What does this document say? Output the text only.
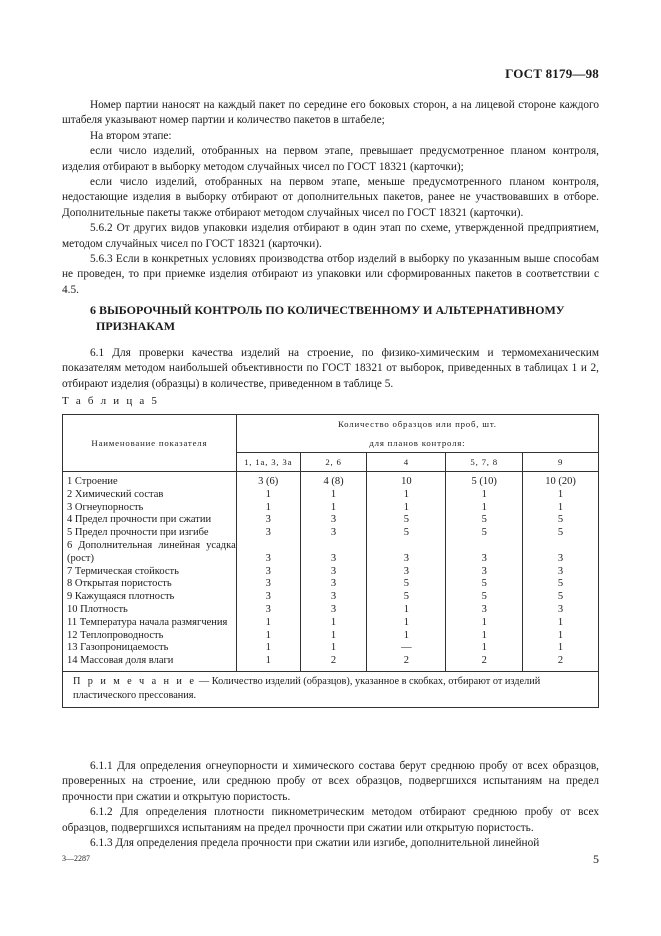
ГОСТ 8179—98

Номер партии наносят на каждый пакет по середине его боковых сторон, а на лицевой стороне каждого штабеля указывают номер партии и количество пакетов в штабеле;

На втором этапе:

если число изделий, отобранных на первом этапе, превышает предусмотренное планом контроля, изделия отбирают в выборку методом случайных чисел по ГОСТ 18321 (карточки);

если число изделий, отобранных на первом этапе, меньше предусмотренного планом контроля, недостающие изделия в выборку отбирают от дополнительных пакетов, ранее не участвовавших в отборе. Дополнительные пакеты также отбирают методом случайных чисел по ГОСТ 18321 (карточки).

5.6.2 От других видов упаковки изделия отбирают в один этап по схеме, утвержденной предприятием, методом случайных чисел по ГОСТ 18321 (карточки).

5.6.3 Если в конкретных условиях производства отбор изделий в выборку по указанным выше способам не проведен, то при приемке изделия отбирают из упаковки или сформированных пакетов в соответствии с 4.5.

6 ВЫБОРОЧНЫЙ КОНТРОЛЬ ПО КОЛИЧЕСТВЕННОМУ И АЛЬТЕРНАТИВНОМУ
ПРИЗНАКАМ

6.1 Для проверки качества изделий на строение, по физико-химическим и термомеханическим показателям методом наибольшей объективности по ГОСТ 18321 от выборок, приведенных в таблицах 1 и 2, отбирают изделия (образцы) в количестве, приведенном в таблице 5.

Т а б л и ц а 5
Наименование показателя	Количество образцов или проб, шт.				
	для планов контроля:				
	1, 1а, 3, 3а	2, 6	4	5, 7, 8	9
1 Строение	3 (6)	4 (8)	10	5 (10)	10 (20)
2 Химический состав	1	1	1	1	1
3 Огнеупорность	1	1	1	1	1
4 Предел прочности при сжатии	3	3	5	5	5
5 Предел прочности при изгибе	3	3	5	5	5
6 Дополнительная линейная усадка (рост)	3	3	3	3	3
7 Термическая стойкость	3	3	3	3	3
8 Открытая пористость	3	3	5	5	5
9 Кажущаяся плотность	3	3	5	5	5
10 Плотность	3	3	1	3	3
11 Температура начала размягчения	1	1	1	1	1
12 Теплопроводность	1	1	1	1	1
13 Газопроницаемость	1	1	—	1	1
14 Массовая доля влаги	1	2	2	2	2
П р и м е ч а н и е — Количество изделий (образцов), указанное в скобках, отбирают от изделий пластического прессования.					

6.1.1 Для определения огнеупорности и химического состава берут среднюю пробу от всех образцов, проверенных на строение, или среднюю пробу от всех образцов, подвергшихся испытаниям на предел прочности при сжатии и открытую пористость.

6.1.2 Для определения плотности пикнометрическим методом отбирают среднюю пробу от всех образцов, подвергшихся испытаниям на предел прочности при сжатии или открытую пористость.

6.1.3 Для определения предела прочности при сжатии или изгибе, дополнительной линейной

3—2287	5
